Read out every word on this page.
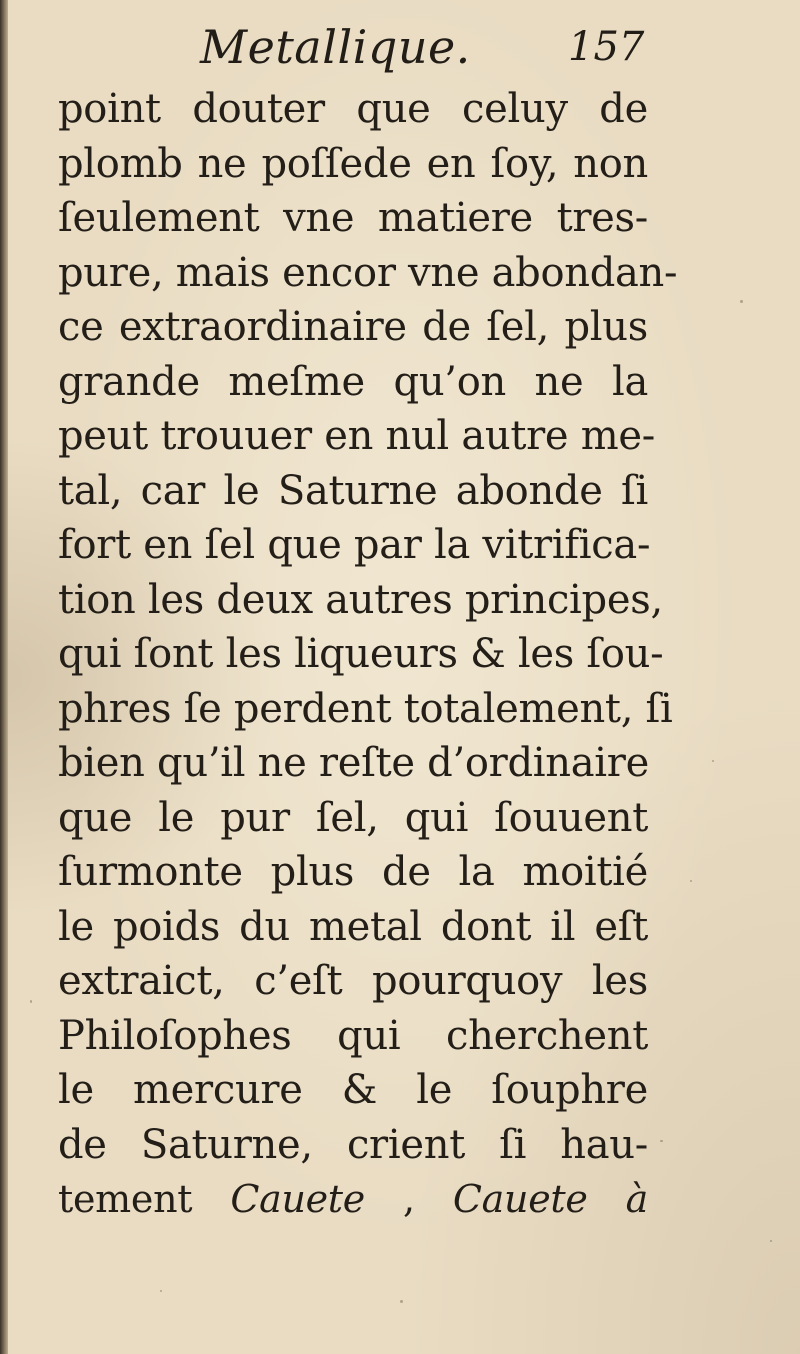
Metallique. 157
point douter que celuy de
plomb ne poſſede en ſoy, non
ſeulement vne matiere tres-
pure, mais encor vne abondan-
ce extraordinaire de ſel, plus
grande meſme qu’on ne la
peut trouuer en nul autre me-
tal, car le Saturne abonde ſi
fort en ſel que par la vitrifica-
tion les deux autres principes,
qui ſont les liqueurs & les ſou-
phres ſe perdent totalement, ſi
bien qu’il ne reſte d’ordinaire
que le pur ſel, qui ſouuent
ſurmonte plus de la moitié
le poids du metal dont il eſt
extraict, c’eſt pourquoy les
Philoſophes qui cherchent
le mercure & le ſouphre
de Saturne, crient ſi hau-
tement Cauete , Cauete à
